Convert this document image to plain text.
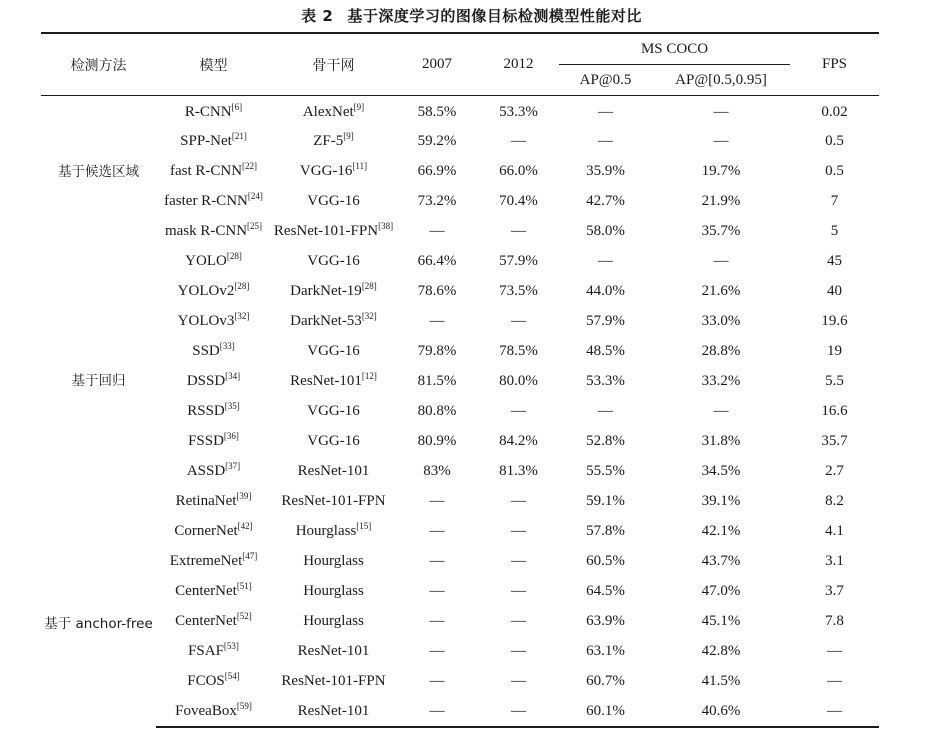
表 2 基于深度学习的图像目标检测模型性能对比
检测方法	模型	骨干网	2007	2012	MS COCO		FPS
					AP@0.5	AP@[0.5,0.95]	
基于候选区域	R-CNN[6]	AlexNet[9]	58.5%	53.3%	—	—	0.02
	SPP-Net[21]	ZF-5[9]	59.2%	—	—	—	0.5
	fast R-CNN[22]	VGG-16[11]	66.9%	66.0%	35.9%	19.7%	0.5
	faster R-CNN[24]	VGG-16	73.2%	70.4%	42.7%	21.9%	7
	mask R-CNN[25]	ResNet-101-FPN[38]	—	—	58.0%	35.7%	5
基于回归	YOLO[28]	VGG-16	66.4%	57.9%	—	—	45
	YOLOv2[28]	DarkNet-19[28]	78.6%	73.5%	44.0%	21.6%	40
	YOLOv3[32]	DarkNet-53[32]	—	—	57.9%	33.0%	19.6
	SSD[33]	VGG-16	79.8%	78.5%	48.5%	28.8%	19
	DSSD[34]	ResNet-101[12]	81.5%	80.0%	53.3%	33.2%	5.5
	RSSD[35]	VGG-16	80.8%	—	—	—	16.6
	FSSD[36]	VGG-16	80.9%	84.2%	52.8%	31.8%	35.7
	ASSD[37]	ResNet-101	83%	81.3%	55.5%	34.5%	2.7
	RetinaNet[39]	ResNet-101-FPN	—	—	59.1%	39.1%	8.2
基于 anchor-free	CornerNet[42]	Hourglass[15]	—	—	57.8%	42.1%	4.1
	ExtremeNet[47]	Hourglass	—	—	60.5%	43.7%	3.1
	CenterNet[51]	Hourglass	—	—	64.5%	47.0%	3.7
	CenterNet[52]	Hourglass	—	—	63.9%	45.1%	7.8
	FSAF[53]	ResNet-101	—	—	63.1%	42.8%	—
	FCOS[54]	ResNet-101-FPN	—	—	60.7%	41.5%	—
	FoveaBox[59]	ResNet-101	—	—	60.1%	40.6%	—
